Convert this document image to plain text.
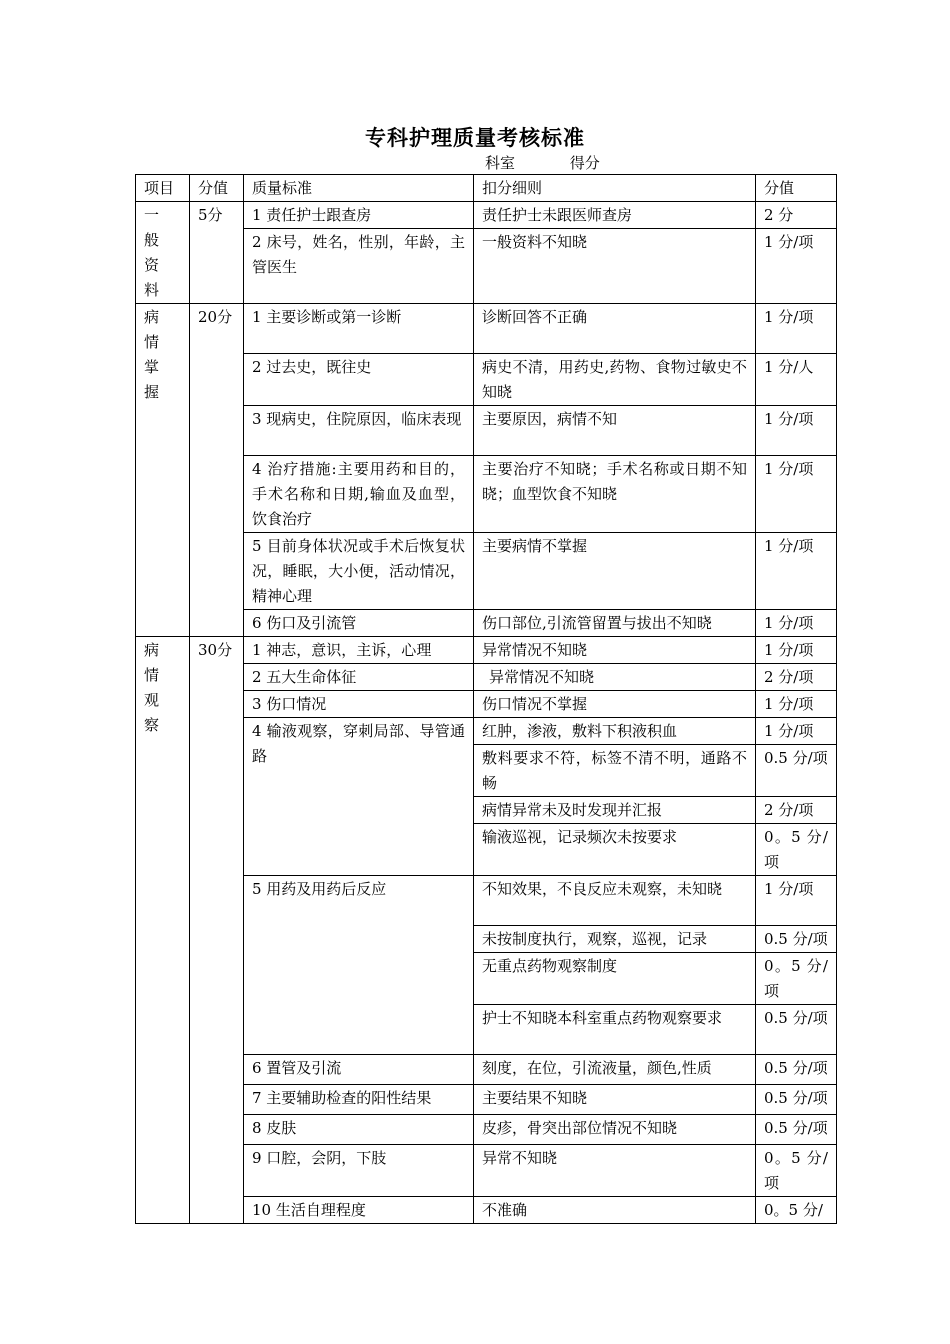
专科护理质量考核标准
科室	得分
项目	分值	质量标准	扣分细则	分值

一
般
资
料	5分	1 责任护士跟查房	责任护士未跟医师查房	2 分
		2 床号，姓名，性别，年龄，主管医生	一般资料不知晓	1 分/项

病
情
掌
握	20分	1 主要诊断或第一诊断	诊断回答不正确	1 分/项
		2 过去史，既往史	病史不清，用药史,药物、食物过敏史不知晓	1 分/人
		3 现病史，住院原因，临床表现	主要原因，病情不知	1 分/项
		4 治疗措施:主要用药和目的，手术名称和日期,输血及血型，饮食治疗	主要治疗不知晓；手术名称或日期不知晓；血型饮食不知晓	1 分/项
		5 目前身体状况或手术后恢复状况，睡眠，大小便，活动情况，精神心理	主要病情不掌握	1 分/项
		6 伤口及引流管	伤口部位,引流管留置与拔出不知晓	1 分/项

病
情
观
察	30分	1 神志，意识，主诉，心理	异常情况不知晓	1 分/项
		2 五大生命体征	异常情况不知晓	2 分/项
		3 伤口情况	伤口情况不掌握	1 分/项
		4 输液观察，穿刺局部、导管通路	红肿，渗液，敷料下积液积血	1 分/项
			敷料要求不符，标签不清不明，通路不畅	0.5 分/项
			病情异常未及时发现并汇报	2 分/项
			输液巡视，记录频次未按要求	0。5 分/项
		5 用药及用药后反应	不知效果，不良反应未观察，未知晓	1 分/项
			未按制度执行，观察，巡视，记录	0.5 分/项
			无重点药物观察制度	0。5 分/项
			护士不知晓本科室重点药物观察要求	0.5 分/项
		6 置管及引流	刻度，在位，引流液量，颜色,性质	0.5 分/项
		7 主要辅助检查的阳性结果	主要结果不知晓	0.5 分/项
		8 皮肤	皮疹，骨突出部位情况不知晓	0.5 分/项
		9 口腔，会阴，下肢	异常不知晓	0。5 分/项
		10 生活自理程度	不准确	0。5 分/
